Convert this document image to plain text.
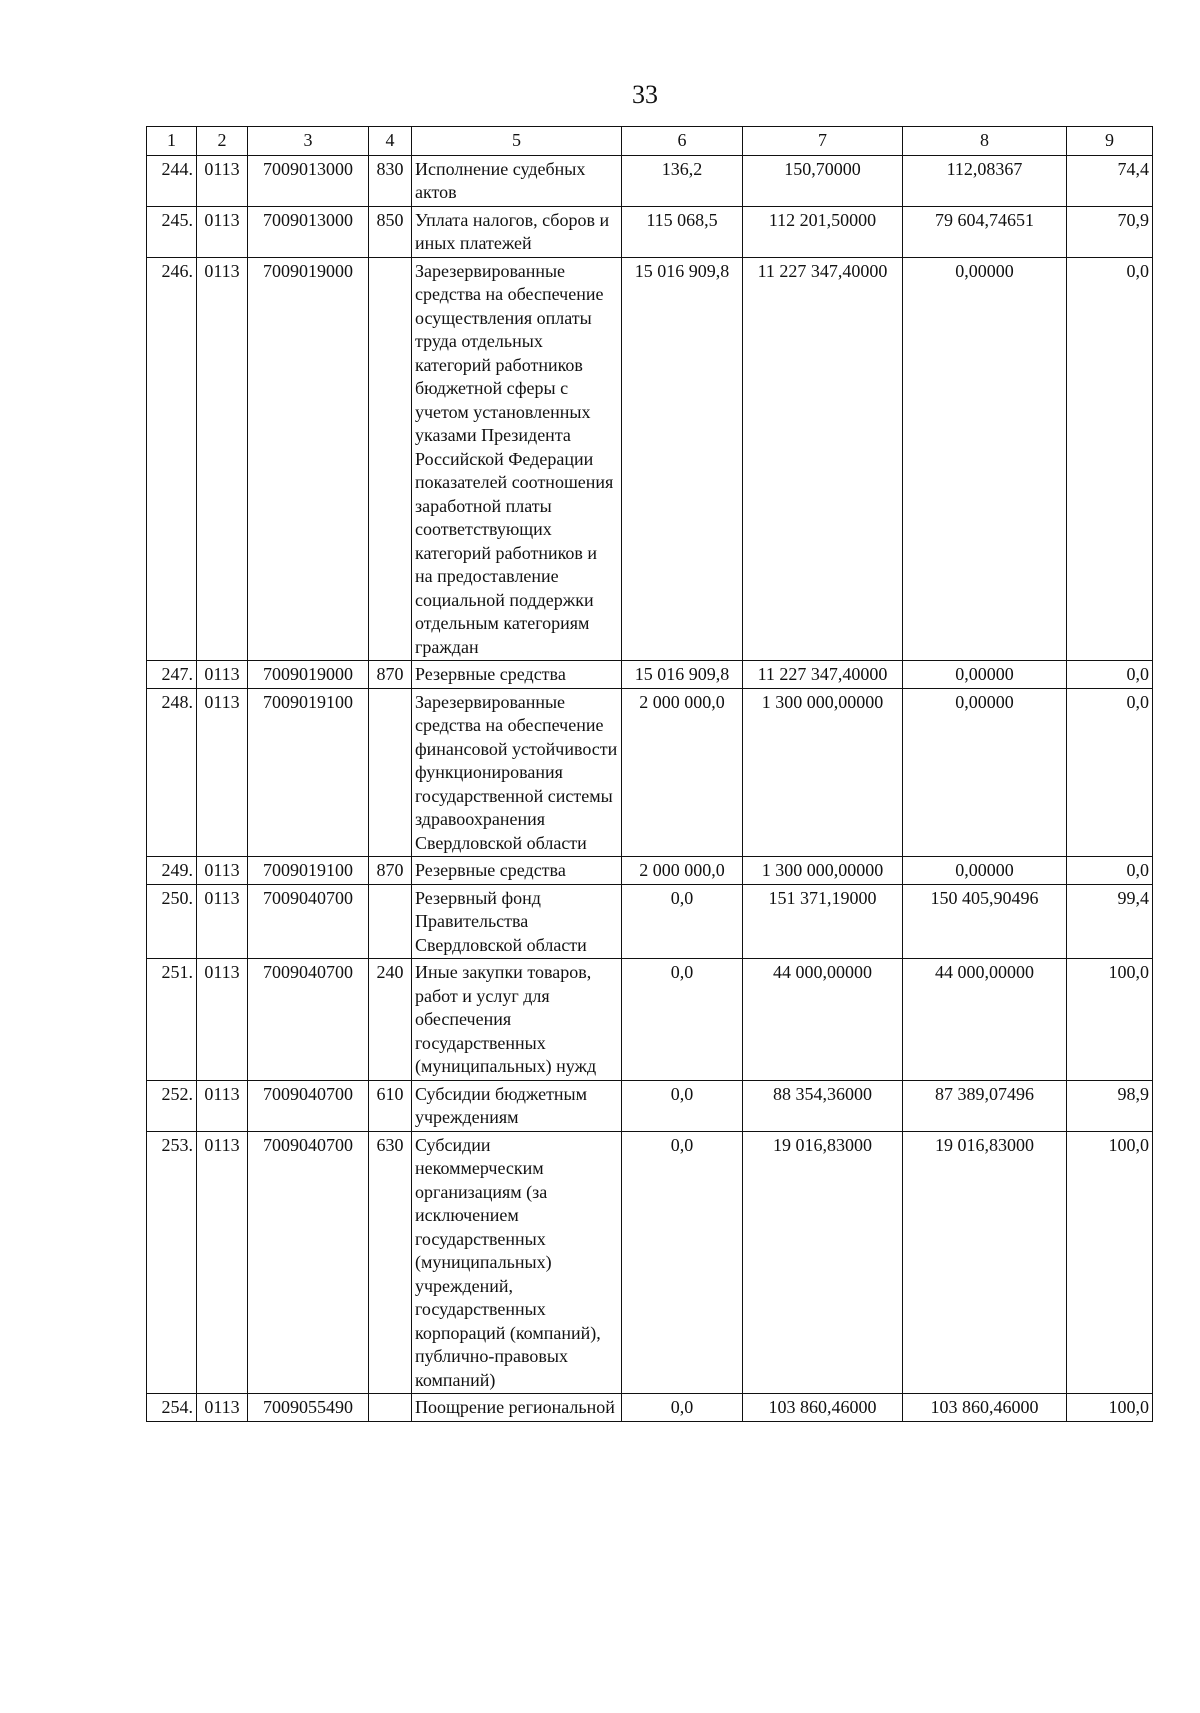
33
1	2	3	4	5	6	7	8	9
244.	0113	7009013000	830	Исполнение судебных актов	136,2	150,70000	112,08367	74,4
245.	0113	7009013000	850	Уплата налогов, сборов и иных платежей	115 068,5	112 201,50000	79 604,74651	70,9
246.	0113	7009019000		Зарезервированные средства на обеспечение осуществления оплаты труда отдельных категорий работников бюджетной сферы с учетом установленных указами Президента Российской Федерации показателей соотношения заработной платы соответствующих категорий работников и на предоставление социальной поддержки отдельным категориям граждан	15 016 909,8	11 227 347,40000	0,00000	0,0
247.	0113	7009019000	870	Резервные средства	15 016 909,8	11 227 347,40000	0,00000	0,0
248.	0113	7009019100		Зарезервированные средства на обеспечение финансовой устойчивости функционирования государственной системы здравоохранения Свердловской области	2 000 000,0	1 300 000,00000	0,00000	0,0
249.	0113	7009019100	870	Резервные средства	2 000 000,0	1 300 000,00000	0,00000	0,0
250.	0113	7009040700		Резервный фонд Правительства Свердловской области	0,0	151 371,19000	150 405,90496	99,4
251.	0113	7009040700	240	Иные закупки товаров, работ и услуг для обеспечения государственных (муниципальных) нужд	0,0	44 000,00000	44 000,00000	100,0
252.	0113	7009040700	610	Субсидии бюджетным учреждениям	0,0	88 354,36000	87 389,07496	98,9
253.	0113	7009040700	630	Субсидии некоммерческим организациям (за исключением государственных (муниципальных) учреждений, государственных корпораций (компаний), публично-правовых компаний)	0,0	19 016,83000	19 016,83000	100,0
254.	0113	7009055490		Поощрение региональной	0,0	103 860,46000	103 860,46000	100,0
